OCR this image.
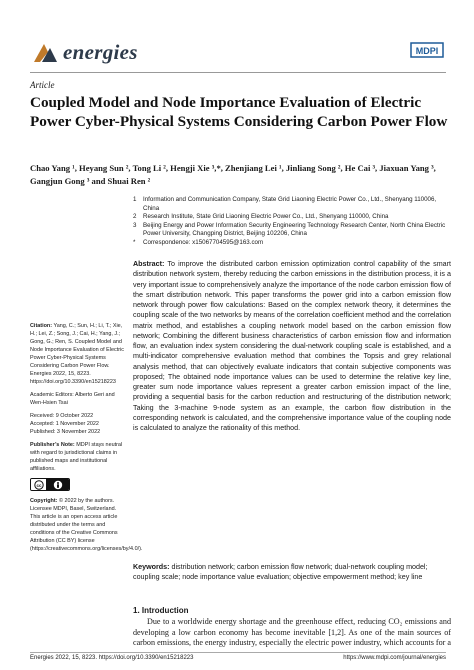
energies	MDPI
Article
Coupled Model and Node Importance Evaluation of Electric Power Cyber-Physical Systems Considering Carbon Power Flow
Chao Yang ¹, Heyang Sun ², Tong Li ², Hengji Xie ³,*, Zhenjiang Lei ¹, Jinliang Song ², He Cai ³, Jiaxuan Yang ³, Gangjun Gong ³ and Shuai Ren ²
1	Information and Communication Company, State Grid Liaoning Electric Power Co., Ltd., Shenyang 110006, China
2	Research Institute, State Grid Liaoning Electric Power Co., Ltd., Shenyang 110000, China
3	Beijing Energy and Power Information Security Engineering Technology Research Center, North China Electric Power University, Changping District, Beijing 102206, China
*	Correspondence: x15067704595@163.com
Abstract: To improve the distributed carbon emission optimization control capability of the smart distribution network system, thereby reducing the carbon emissions in the distribution process, it is a very important issue to comprehensively analyze the importance of the node carbon emission flow of the smart distribution network. This paper transforms the power grid into a carbon emission flow network through power flow calculations: Based on the complex network theory, it determines the coupling scale of the two networks by means of the correlation coefficient method and the correlation matrix method, and establishes a coupling network model based on the carbon emission flow network; Combining the different business characteristics of carbon emission flow and information flow, an evaluation index system considering the dual-network coupling scale is established, and a multi-indicator comprehensive evaluation method that combines the Topsis and grey relational analysis method, that can objectively evaluate indicators that contain subjective components was proposed; The obtained node importance values can be used to determine the relative key line, greater sum node importance values represent a greater carbon emission impact of the line, providing a sequential basis for the carbon reduction and restructuring of the distribution network; Taking the 3-machine 9-node system as an example, the carbon flow distribution in the corresponding network is calculated, and the comprehensive importance value of the coupling node is calculated to analyze the rationality of this method.
Keywords: distribution network; carbon emission flow network; dual-network coupling model; coupling scale; node importance value evaluation; objective empowerment method; key line
Citation: Yang, C.; Sun, H.; Li, T.; Xie, H.; Lei, Z.; Song, J.; Cai, H.; Yang, J.; Gong, G.; Ren, S. Coupled Model and Node Importance Evaluation of Electric Power Cyber-Physical Systems Considering Carbon Power Flow. Energies 2022, 15, 8223. https://doi.org/10.3390/en15218223
Academic Editors: Alberto Geri and Wen-Hsien Tsai
Received: 9 October 2022
Accepted: 1 November 2022
Published: 3 November 2022
Publisher’s Note: MDPI stays neutral with regard to jurisdictional claims in published maps and institutional affiliations.
cc
Copyright: © 2022 by the authors. Licensee MDPI, Basel, Switzerland. This article is an open access article distributed under the terms and conditions of the Creative Commons Attribution (CC BY) license (https://creativecommons.org/licenses/by/4.0/).
1. Introduction

Due to a worldwide energy shortage and the greenhouse effect, reducing CO₂ emissions and developing a low carbon economy has become inevitable [1,2]. As one of the main sources of carbon emissions, the energy industry, especially the electric power industry, which accounts for a

Energies 2022, 15, 8223. https://doi.org/10.3390/en15218223	https://www.mdpi.com/journal/energies
